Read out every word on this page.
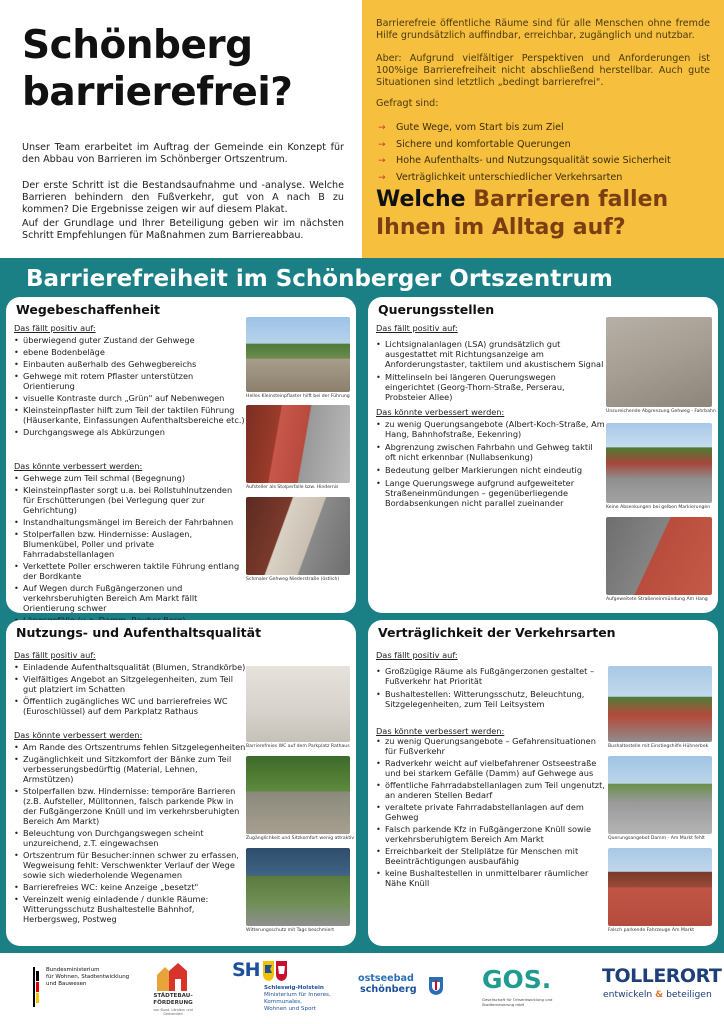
Schönberg
barrierefrei?

Unser Team erarbeitet im Auftrag der Gemeinde ein Konzept für den Abbau von Barrieren im Schönberger Ortszentrum.

Der erste Schritt ist die Bestandsaufnahme und -analyse. Welche Barrieren behindern den Fußverkehr, gut von A nach B zu kommen? Die Ergebnisse zeigen wir auf diesem Plakat.

Auf der Grundlage und Ihrer Beteiligung geben wir im nächsten Schritt Empfehlungen für Maßnahmen zum Barriereabbau.

Barrierefreie öffentliche Räume sind für alle Menschen ohne fremde Hilfe grundsätzlich auffindbar, erreichbar, zugänglich und nutzbar.

Aber: Aufgrund vielfältiger Perspektiven und Anforderungen ist 100%ige Barrierefreiheit nicht abschließend herstellbar. Auch gute Situationen sind letztlich „bedingt barrierefrei".

Gefragt sind:

→ Gute Wege, vom Start bis zum Ziel
→ Sichere und komfortable Querungen
→ Hohe Aufenthalts- und Nutzungsqualität sowie Sicherheit
→ Verträglichkeit unterschiedlicher Verkehrsarten
Welche Barrieren fallen
Ihnen im Alltag auf?
Barrierefreiheit im Schönberger Ortszentrum
Wegebeschaffenheit
Das fällt positiv auf:
• überwiegend guter Zustand der Gehwege
• ebene Bodenbeläge
• Einbauten außerhalb des Gehwegbereichs
• Gehwege mit rotem Pflaster unterstützen Orientierung
• visuelle Kontraste durch „Grün" auf Nebenwegen
• Kleinsteinpflaster hilft zum Teil der taktilen Führung (Häuserkante, Einfassungen Aufenthaltsbereiche etc.)
• Durchgangswege als Abkürzungen
Das könnte verbessert werden:
• Gehwege zum Teil schmal (Begegnung)
• Kleinsteinpflaster sorgt u.a. bei Rollstuhlnutzenden für Erschütterungen (bei Verlegung quer zur Gehrichtung)
• Instandhaltungsmängel im Bereich der Fahrbahnen
• Stolperfallen bzw. Hindernisse: Auslagen, Blumenkübel, Poller und private Fahrradabstellanlagen
• Verkettete Poller erschweren taktile Führung entlang der Bordkante
• Auf Wegen durch Fußgängerzonen und verkehrsberuhigten Bereich Am Markt fällt Orientierung schwer
•
Helles Kleinsteinpflaster hilft bei der Führung
Aufsteller als Stolperfalle bzw. Hindernis
Schmaler Gehweg Niederstraße (östlich)
Querungsstellen
Das fällt positiv auf:
• Lichtsignalanlagen (LSA) grundsätzlich gut ausgestattet mit Richtungsanzeige am Anforderungstaster, taktilem und akustischem Signal
• Mittelinseln bei längeren Querungswegen eingerichtet (Georg-Thorn-Straße, Perserau, Probsteier Allee)
Das könnte verbessert werden:
• zu wenig Querungsangebote (Albert-Koch-Straße, Am Hang, Bahnhofstraße, Eekenring)
• Abgrenzung zwischen Fahrbahn und Gehweg taktil oft nicht erkennbar (Nullabsenkung)
• Bedeutung gelber Markierungen nicht eindeutig
• Lange Querungswege aufgrund aufgeweiteter Straßeneinmündungen – gegenüberliegende Bordabsenkungen nicht parallel zueinander
Unzureichende Abgrenzung Gehweg - Fahrbahn
Keine Absenkungen bei gelben Markierungen
Aufgeweitete Straßeneinmündung Am Hang
Nutzungs- und Aufenthaltsqualität
Das fällt positiv auf:
• Einladende Aufenthaltsqualität (Blumen, Strandkörbe)
• Vielfältiges Angebot an Sitzgelegenheiten, zum Teil gut platziert im Schatten
• Öffentlich zugängliches WC und barrierefreies WC (Euroschlüssel) auf dem Parkplatz Rathaus
Das könnte verbessert werden:
• Am Rande des Ortszentrums fehlen Sitzgelegenheiten
• Zugänglichkeit und Sitzkomfort der Bänke zum Teil verbesserungsbedürftig (Material, Lehnen, Armstützen)
• Stolperfallen bzw. Hindernisse: temporäre Barrieren (z.B. Aufsteller, Mülltonnen, falsch parkende Pkw in der Fußgängerzone Knüll und im verkehrsberuhigten Bereich Am Markt)
• Beleuchtung von Durchgangswegen scheint unzureichend, z.T. eingewachsen
• Ortszentrum für Besucher:innen schwer zu erfassen, Wegweisung fehlt: Verschwenkter Verlauf der Wege sowie sich wiederholende Wegenamen
• Barrierefreies WC: keine Anzeige „besetzt"
• Vereinzelt wenig einladende / dunkle Räume: Witterungsschutz Bushaltestelle Bahnhof, Herbergsweg, Postweg
Barrierefreies WC auf dem Parkplatz Rathaus
Zugänglichkeit und Sitzkomfort wenig attraktiv
Witterungsschutz mit Tags beschmiert
Verträglichkeit der Verkehrsarten
Das fällt positiv auf:
• Großzügige Räume als Fußgängerzonen gestaltet – Fußverkehr hat Priorität
• Bushaltestellen: Witterungsschutz, Beleuchtung, Sitzgelegenheiten, zum Teil Leitsystem
Das könnte verbessert werden:
• zu wenig Querungsangebote – Gefahrensituationen für Fußverkehr
• Radverkehr weicht auf vielbefahrener Ostseestraße und bei starkem Gefälle (Damm) auf Gehwege aus
• öffentliche Fahrradabstellanlagen zum Teil ungenutzt, an anderen Stellen Bedarf
• veraltete private Fahrradabstellanlagen auf dem Gehweg
• Falsch parkende Kfz in Fußgängerzone Knüll sowie verkehrsberuhigtem Bereich Am Markt
• Erreichbarkeit der Stellplätze für Menschen mit Beeinträchtigungen ausbaufähig
• keine Bushaltestellen in unmittelbarer räumlicher Nähe Knüll
Bushaltestelle mit Einstiegshilfe Hühnerbek
Querungsangebot Damm - Am Markt fehlt
Falsch parkende Fahrzeuge Am Markt
Bundesministerium
für Wohnen, Stadtentwicklung
und Bauwesen
STÄDTEBAU-
FÖRDERUNG
von Bund, Ländern und
Gemeinden
SH
Schleswig-Holstein
Ministerium für Inneres,
Kommunales,
Wohnen und Sport
ostseebad
schönberg	GOS.
Gesellschaft für Ortsentwicklung und
Stadterneuerung mbH
TOLLERORT
entwickeln & beteiligen
